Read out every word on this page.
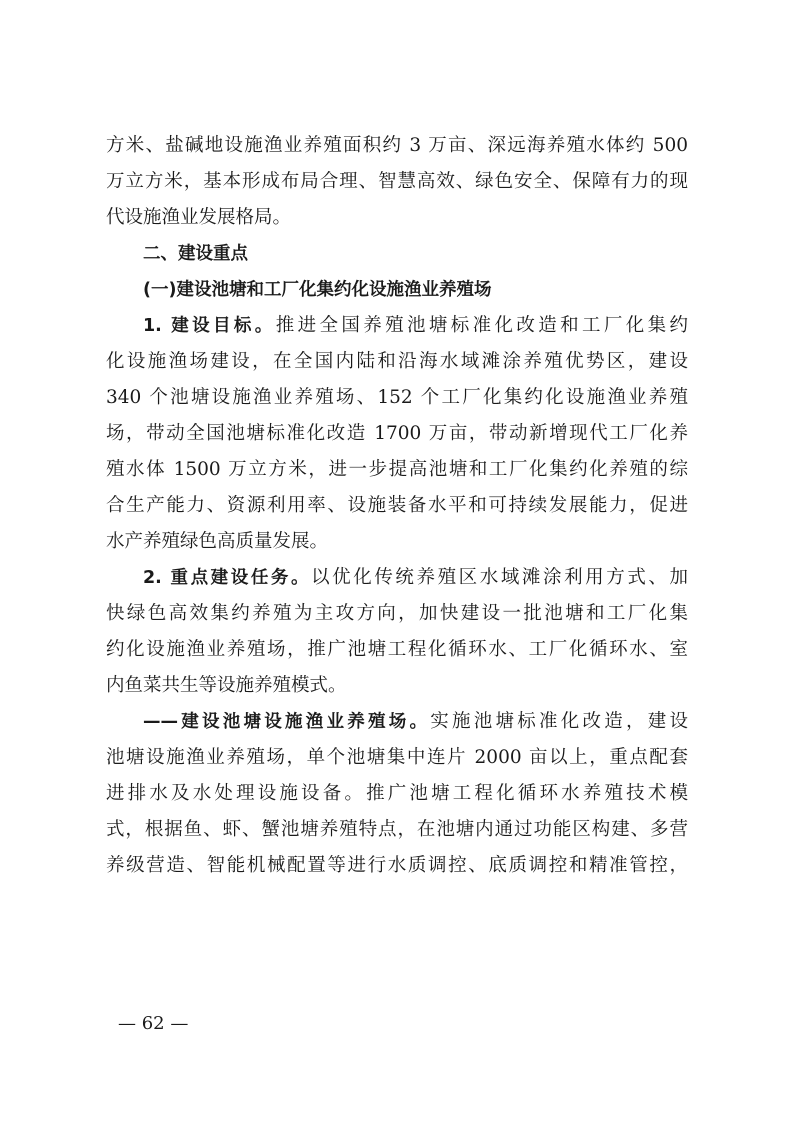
方米、盐碱地设施渔业养殖面积约 3 万亩、深远海养殖水体约 500

万立方米，基本形成布局合理、智慧高效、绿色安全、保障有力的现

代设施渔业发展格局。

二、建设重点

(一)建设池塘和工厂化集约化设施渔业养殖场

1. 建设目标。推进全国养殖池塘标准化改造和工厂化集约

化设施渔场建设，在全国内陆和沿海水域滩涂养殖优势区，建设

340 个池塘设施渔业养殖场、152 个工厂化集约化设施渔业养殖

场，带动全国池塘标准化改造 1700 万亩，带动新增现代工厂化养

殖水体 1500 万立方米，进一步提高池塘和工厂化集约化养殖的综

合生产能力、资源利用率、设施装备水平和可持续发展能力，促进

水产养殖绿色高质量发展。

2. 重点建设任务。以优化传统养殖区水域滩涂利用方式、加

快绿色高效集约养殖为主攻方向，加快建设一批池塘和工厂化集

约化设施渔业养殖场，推广池塘工程化循环水、工厂化循环水、室

内鱼菜共生等设施养殖模式。

——建设池塘设施渔业养殖场。实施池塘标准化改造，建设

池塘设施渔业养殖场，单个池塘集中连片 2000 亩以上，重点配套

进排水及水处理设施设备。推广池塘工程化循环水养殖技术模

式，根据鱼、虾、蟹池塘养殖特点，在池塘内通过功能区构建、多营

养级营造、智能机械配置等进行水质调控、底质调控和精准管控，

— 62 —
